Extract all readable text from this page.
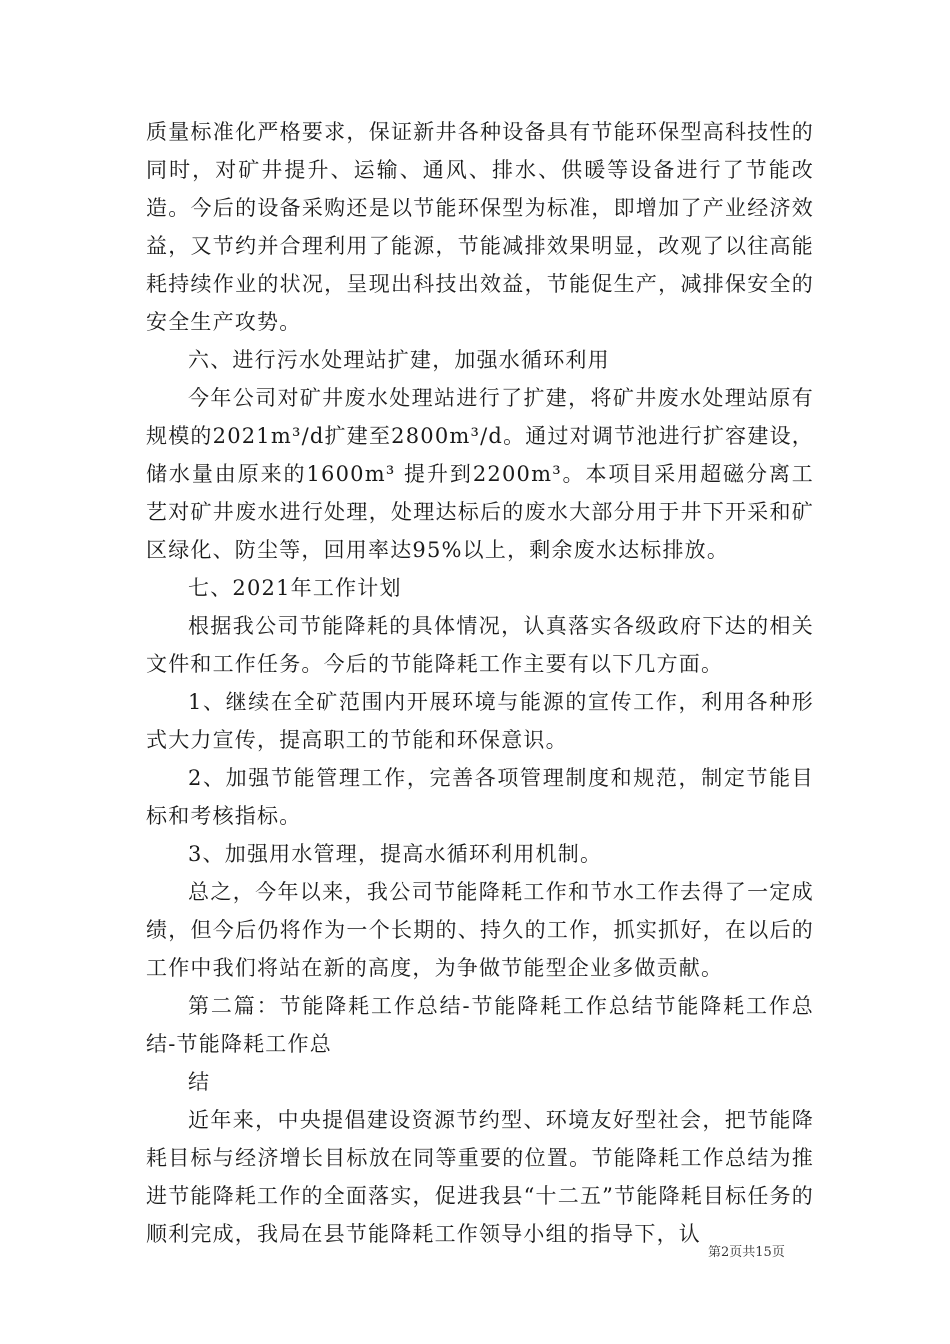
质量标准化严格要求，保证新井各种设备具有节能环保型高科技性的同时，对矿井提升、运输、通风、排水、供暖等设备进行了节能改造。今后的设备采购还是以节能环保型为标准，即增加了产业经济效益，又节约并合理利用了能源，节能减排效果明显，改观了以往高能耗持续作业的状况，呈现出科技出效益，节能促生产，减排保安全的安全生产攻势。

六、进行污水处理站扩建，加强水循环利用

今年公司对矿井废水处理站进行了扩建，将矿井废水处理站原有规模的2021m³/d扩建至2800m³/d。通过对调节池进行扩容建设，储水量由原来的1600m³ 提升到2200m³。本项目采用超磁分离工艺对矿井废水进行处理，处理达标后的废水大部分用于井下开采和矿区绿化、防尘等，回用率达95%以上，剩余废水达标排放。

七、2021年工作计划

根据我公司节能降耗的具体情况，认真落实各级政府下达的相关文件和工作任务。今后的节能降耗工作主要有以下几方面。

1、继续在全矿范围内开展环境与能源的宣传工作，利用各种形式大力宣传，提高职工的节能和环保意识。

2、加强节能管理工作，完善各项管理制度和规范，制定节能目标和考核指标。

3、加强用水管理，提高水循环利用机制。

总之，今年以来，我公司节能降耗工作和节水工作去得了一定成绩，但今后仍将作为一个长期的、持久的工作，抓实抓好，在以后的工作中我们将站在新的高度，为争做节能型企业多做贡献。

第二篇：节能降耗工作总结-节能降耗工作总结节能降耗工作总结-节能降耗工作总

结

近年来，中央提倡建设资源节约型、环境友好型社会，把节能降耗目标与经济增长目标放在同等重要的位置。节能降耗工作总结为推进节能降耗工作的全面落实，促进我县“十二五”节能降耗目标任务的顺利完成，我局在县节能降耗工作领导小组的指导下，认

第2页共15页
